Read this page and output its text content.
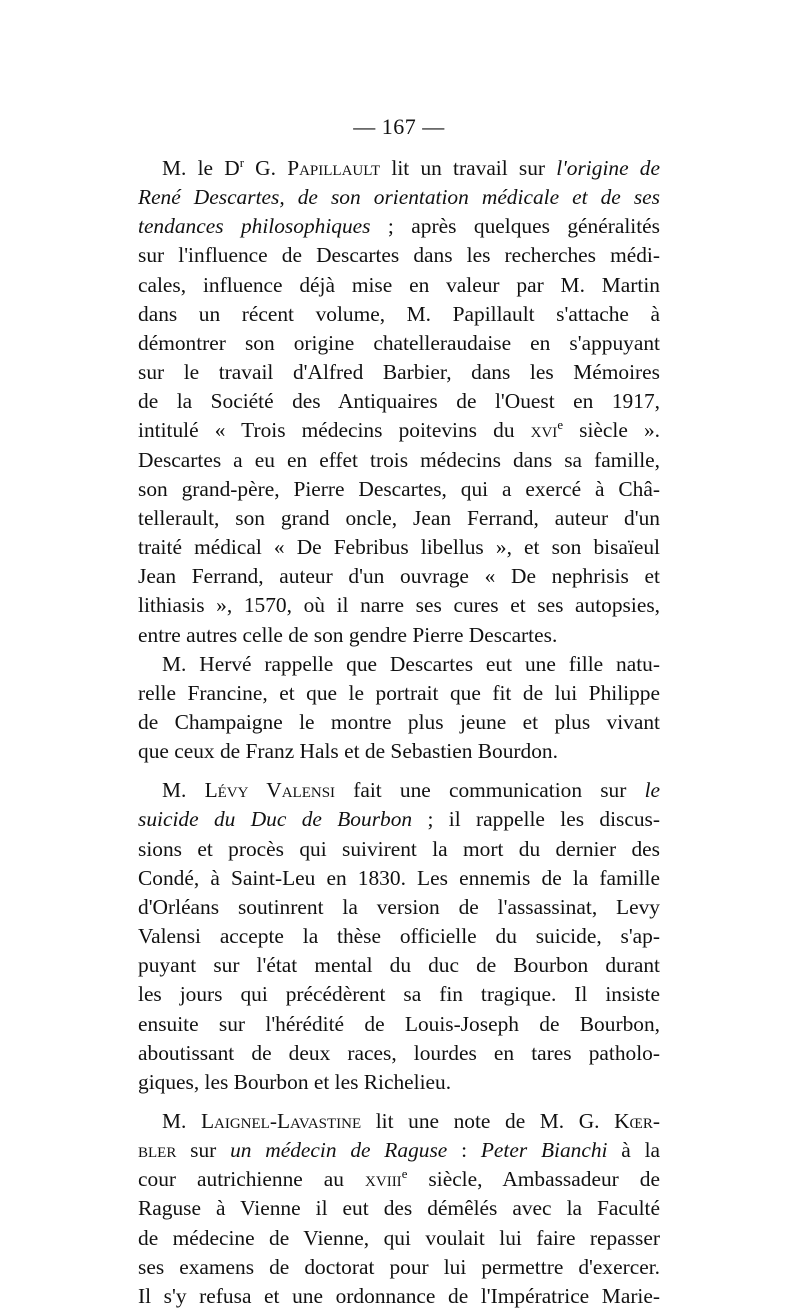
— 167 —
M. le $D^r$ G. Papillault lit un travail sur l'origine de
René Descartes, de son orientation médicale et de ses
tendances philosophiques ; après quelques généralités
sur l'influence de Descartes dans les recherches médi-
cales, influence déjà mise en valeur par M. Martin
dans un récent volume, M. Papillault s'attache à
démontrer son origine chatelleraudaise en s'appuyant
sur le travail d'Alfred Barbier, dans les Mémoires
de la Société des Antiquaires de l'Ouest en 1917,
intitulé « Trois médecins poitevins du xvi$^e$ siècle ».
Descartes a eu en effet trois médecins dans sa famille,
son grand-père, Pierre Descartes, qui a exercé à Châ-
tellerault, son grand oncle, Jean Ferrand, auteur d'un
traité médical « De Febribus libellus », et son bisaïeul
Jean Ferrand, auteur d'un ouvrage « De nephrisis et
lithiasis », 1570, où il narre ses cures et ses autopsies,
entre autres celle de son gendre Pierre Descartes.
M. Hervé rappelle que Descartes eut une fille natu-
relle Francine, et que le portrait que fit de lui Philippe
de Champaigne le montre plus jeune et plus vivant
que ceux de Franz Hals et de Sebastien Bourdon.
M. Lévy Valensi fait une communication sur le
suicide du Duc de Bourbon ; il rappelle les discus-
sions et procès qui suivirent la mort du dernier des
Condé, à Saint-Leu en 1830. Les ennemis de la famille
d'Orléans soutinrent la version de l'assassinat, Levy
Valensi accepte la thèse officielle du suicide, s'ap-
puyant sur l'état mental du duc de Bourbon durant
les jours qui précédèrent sa fin tragique. Il insiste
ensuite sur l'hérédité de Louis-Joseph de Bourbon,
aboutissant de deux races, lourdes en tares patholo-
giques, les Bourbon et les Richelieu.
M. Laignel-Lavastine lit une note de M. G. Kœr-
bler sur un médecin de Raguse : Peter Bianchi à la
cour autrichienne au xviii$^e$ siècle, Ambassadeur de
Raguse à Vienne il eut des démêlés avec la Faculté
de médecine de Vienne, qui voulait lui faire repasser
ses examens de doctorat pour lui permettre d'exercer.
Il s'y refusa et une ordonnance de l'Impératrice Marie-
